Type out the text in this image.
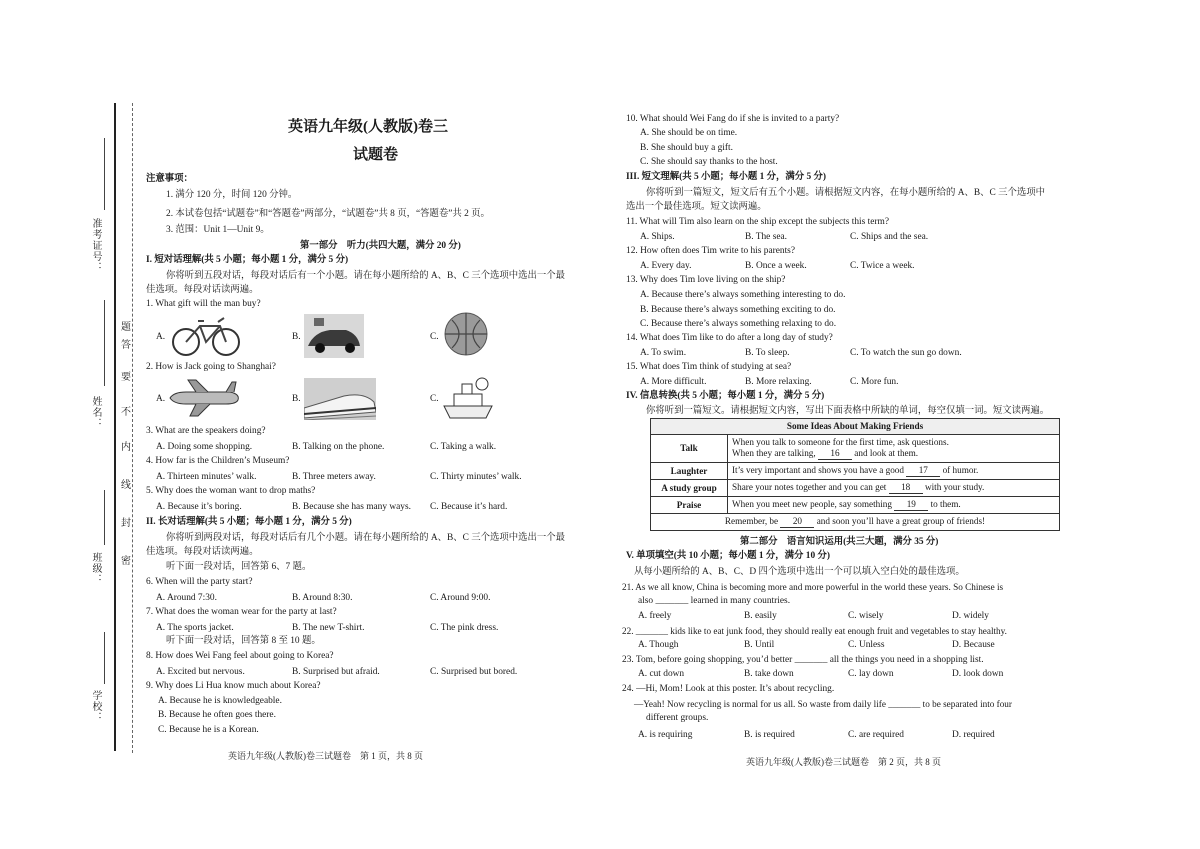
准考证号：
姓名：
班级：
学校：
题
答
要
不
内
线
封
密
英语九年级(人教版)卷三
试题卷
注意事项：
1. 满分 120 分，时间 120 分钟。
2. 本试卷包括“试题卷”和“答题卷”两部分，“试题卷”共 8 页，“答题卷”共 2 页。
3. 范围：Unit 1—Unit 9。
第一部分　听力(共四大题，满分 20 分)
I. 短对话理解(共 5 小题；每小题 1 分，满分 5 分)
你将听到五段对话，每段对话后有一个小题。请在每小题所给的 A、B、C 三个选项中选出一个最
佳选项。每段对话读两遍。
1. What gift will the man buy?
A.	B.	C.
2. How is Jack going to Shanghai?
A.	B.	C.
3. What are the speakers doing?
A. Doing some shopping.	B. Talking on the phone.	C. Taking a walk.
4. How far is the Children’s Museum?
A. Thirteen minutes’ walk.	B. Three meters away.	C. Thirty minutes’ walk.
5. Why does the woman want to drop maths?
A. Because it’s boring.	B. Because she has many ways. C. Because it’s hard.
II. 长对话理解(共 5 小题；每小题 1 分，满分 5 分)
你将听到两段对话，每段对话后有几个小题。请在每小题所给的 A、B、C 三个选项中选出一个最
佳选项。每段对话读两遍。
听下面一段对话，回答第 6、7 题。
6. When will the party start?
A. Around 7:30.	B. Around 8:30.	C. Around 9:00.
7. What does the woman wear for the party at last?
A. The sports jacket.	B. The new T-shirt.	C. The pink dress.
听下面一段对话，回答第 8 至 10 题。
8. How does Wei Fang feel about going to Korea?
A. Excited but nervous.	B. Surprised but afraid.	C. Surprised but bored.
9. Why does Li Hua know much about Korea?
A. Because he is knowledgeable.
B. Because he often goes there.
C. Because he is a Korean.
英语九年级(人教版)卷三试题卷　第 1 页，共 8 页
10. What should Wei Fang do if she is invited to a party?
A. She should be on time.
B. She should buy a gift.
C. She should say thanks to the host.
III. 短文理解(共 5 小题；每小题 1 分，满分 5 分)
你将听到一篇短文，短文后有五个小题。请根据短文内容，在每小题所给的 A、B、C 三个选项中
选出一个最佳选项。短文读两遍。
11. What will Tim also learn on the ship except the subjects this term?
A. Ships.	B. The sea.	C. Ships and the sea.
12. How often does Tim write to his parents?
A. Every day.	B. Once a week.	C. Twice a week.
13. Why does Tim love living on the ship?
A. Because there’s always something interesting to do.
B. Because there’s always something exciting to do.
C. Because there’s always something relaxing to do.
14. What does Tim like to do after a long day of study?
A. To swim.	B. To sleep.	C. To watch the sun go down.
15. What does Tim think of studying at sea?
A. More difficult.	B. More relaxing.	C. More fun.
IV. 信息转换(共 5 小题；每小题 1 分，满分 5 分)
你将听到一篇短文。请根据短文内容，写出下面表格中所缺的单词，每空仅填一词。短文读两遍。
Some Ideas About Making Friends	
Talk	When you talk to someone for the first time, ask questions.
When they are talking, 16 and look at them.

Laughter	It’s very important and shows you have a good 17 of humor.
A study group	Share your notes together and you can get 18 with your study.
Praise	When you meet new people, say something 19 to them.
Remember, be 20 and soon you’ll have a great group of friends!	
第二部分　语言知识运用(共三大题，满分 35 分)
V. 单项填空(共 10 小题；每小题 1 分，满分 10 分)
从每小题所给的 A、B、C、D 四个选项中选出一个可以填入空白处的最佳选项。
21. As we all know, China is becoming more and more powerful in the world these years. So Chinese is
also _______ learned in many countries.
A. freely	B. easily	C. wisely	D. widely
22. _______ kids like to eat junk food, they should really eat enough fruit and vegetables to stay healthy.
A. Though	B. Until	C. Unless	D. Because
23. Tom, before going shopping, you’d better _______ all the things you need in a shopping list.
A. cut down	B. take down	C. lay down	D. look down
24. —Hi, Mom! Look at this poster. It’s about recycling.
—Yeah! Now recycling is normal for us all. So waste from daily life _______ to be separated into four
different groups.
A. is requiring	B. is required	C. are required	D. required
英语九年级(人教版)卷三试题卷　第 2 页，共 8 页
